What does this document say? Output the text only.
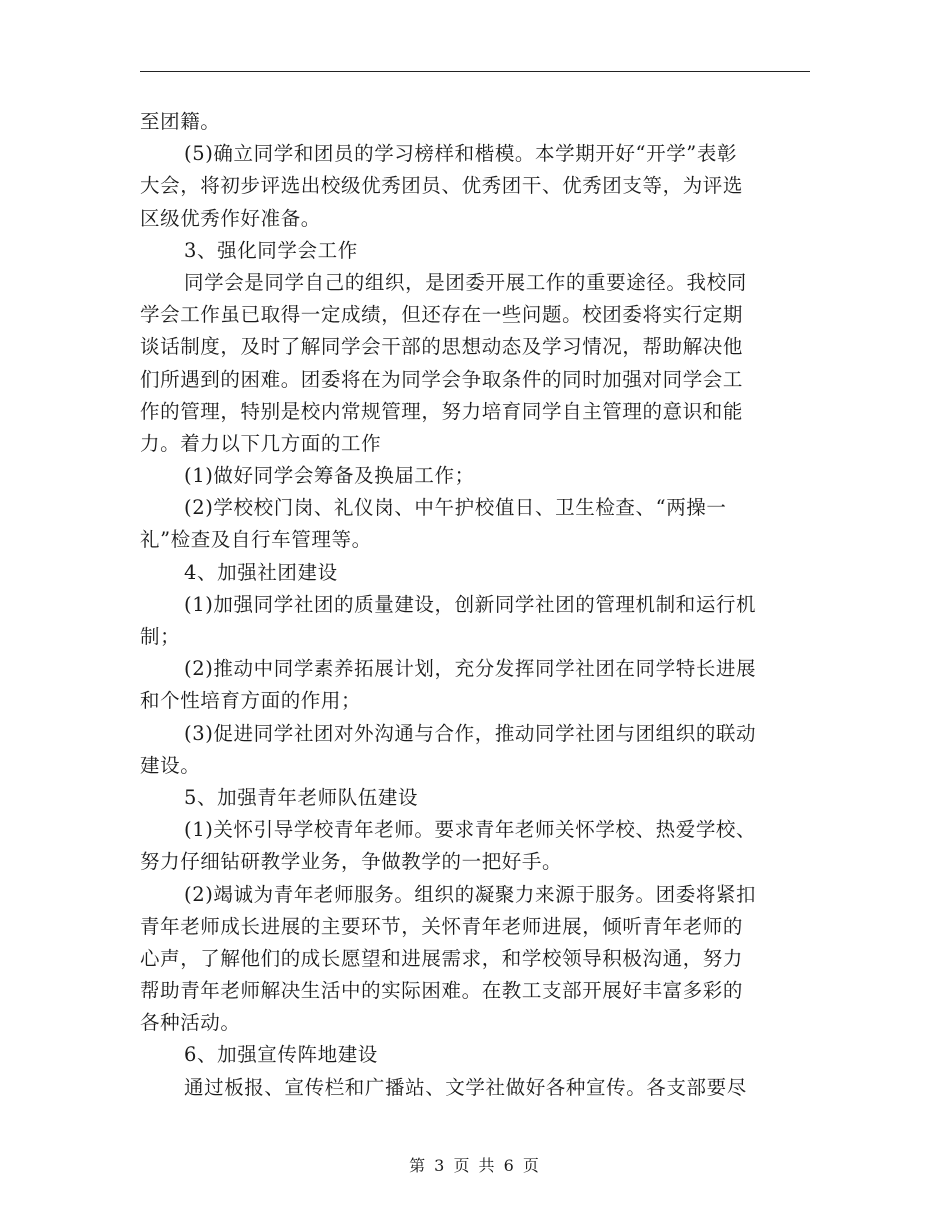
至团籍。
(5)确立同学和团员的学习榜样和楷模。本学期开好“开学”表彰
大会，将初步评选出校级优秀团员、优秀团干、优秀团支等，为评选
区级优秀作好准备。
3、强化同学会工作
同学会是同学自己的组织，是团委开展工作的重要途径。我校同
学会工作虽已取得一定成绩，但还存在一些问题。校团委将实行定期
谈话制度，及时了解同学会干部的思想动态及学习情况，帮助解决他
们所遇到的困难。团委将在为同学会争取条件的同时加强对同学会工
作的管理，特别是校内常规管理，努力培育同学自主管理的意识和能
力。着力以下几方面的工作
(1)做好同学会筹备及换届工作；
(2)学校校门岗、礼仪岗、中午护校值日、卫生检查、“两操一
礼”检查及自行车管理等。
4、加强社团建设
(1)加强同学社团的质量建设，创新同学社团的管理机制和运行机
制；
(2)推动中同学素养拓展计划，充分发挥同学社团在同学特长进展
和个性培育方面的作用；
(3)促进同学社团对外沟通与合作，推动同学社团与团组织的联动
建设。
5、加强青年老师队伍建设
(1)关怀引导学校青年老师。要求青年老师关怀学校、热爱学校、
努力仔细钻研教学业务，争做教学的一把好手。
(2)竭诚为青年老师服务。组织的凝聚力来源于服务。团委将紧扣
青年老师成长进展的主要环节，关怀青年老师进展，倾听青年老师的
心声，了解他们的成长愿望和进展需求，和学校领导积极沟通，努力
帮助青年老师解决生活中的实际困难。在教工支部开展好丰富多彩的
各种活动。
6、加强宣传阵地建设
通过板报、宣传栏和广播站、文学社做好各种宣传。各支部要尽
第 3 页 共 6 页
